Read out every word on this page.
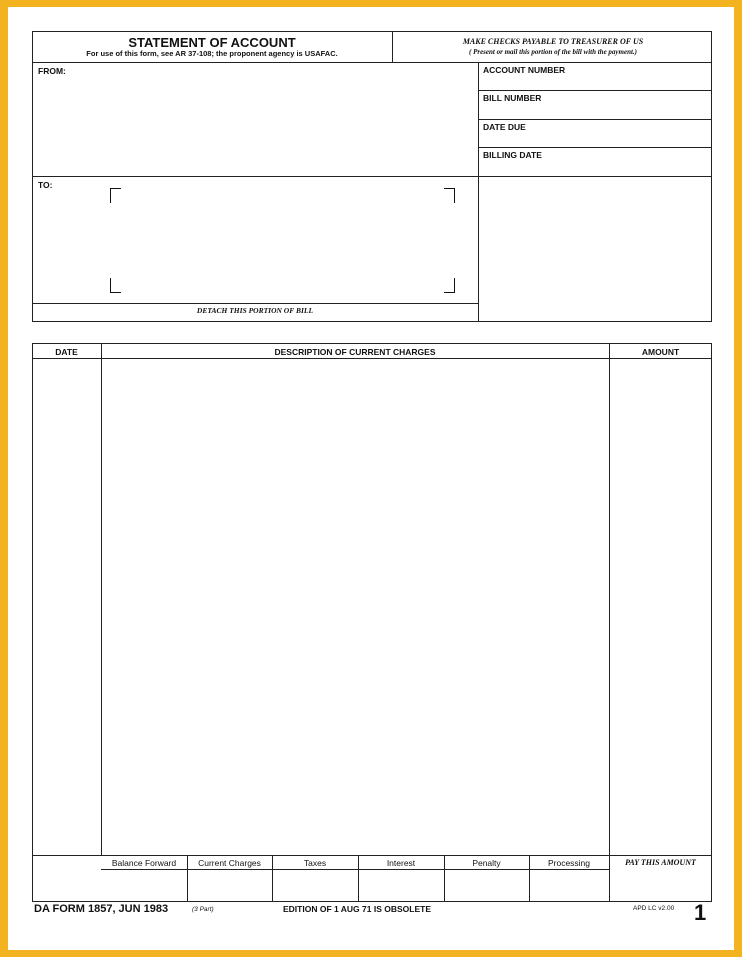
STATEMENT OF ACCOUNT
For use of this form, see AR 37-108; the proponent agency is USAFAC.
MAKE CHECKS PAYABLE TO TREASURER OF US
( Present or mail this portion of the bill with the payment.)
FROM:
TO:
DETACH THIS PORTION OF BILL
ACCOUNT NUMBER
BILL NUMBER
DATE DUE
BILLING DATE
DATE	DESCRIPTION OF CURRENT CHARGES	AMOUNT
Balance Forward	Current Charges	Taxes	Interest	Penalty	Processing	PAY THIS AMOUNT
DA FORM 1857, JUN 1983	(3 Part)	EDITION OF 1 AUG 71 IS OBSOLETE	APD LC v2.00 1
